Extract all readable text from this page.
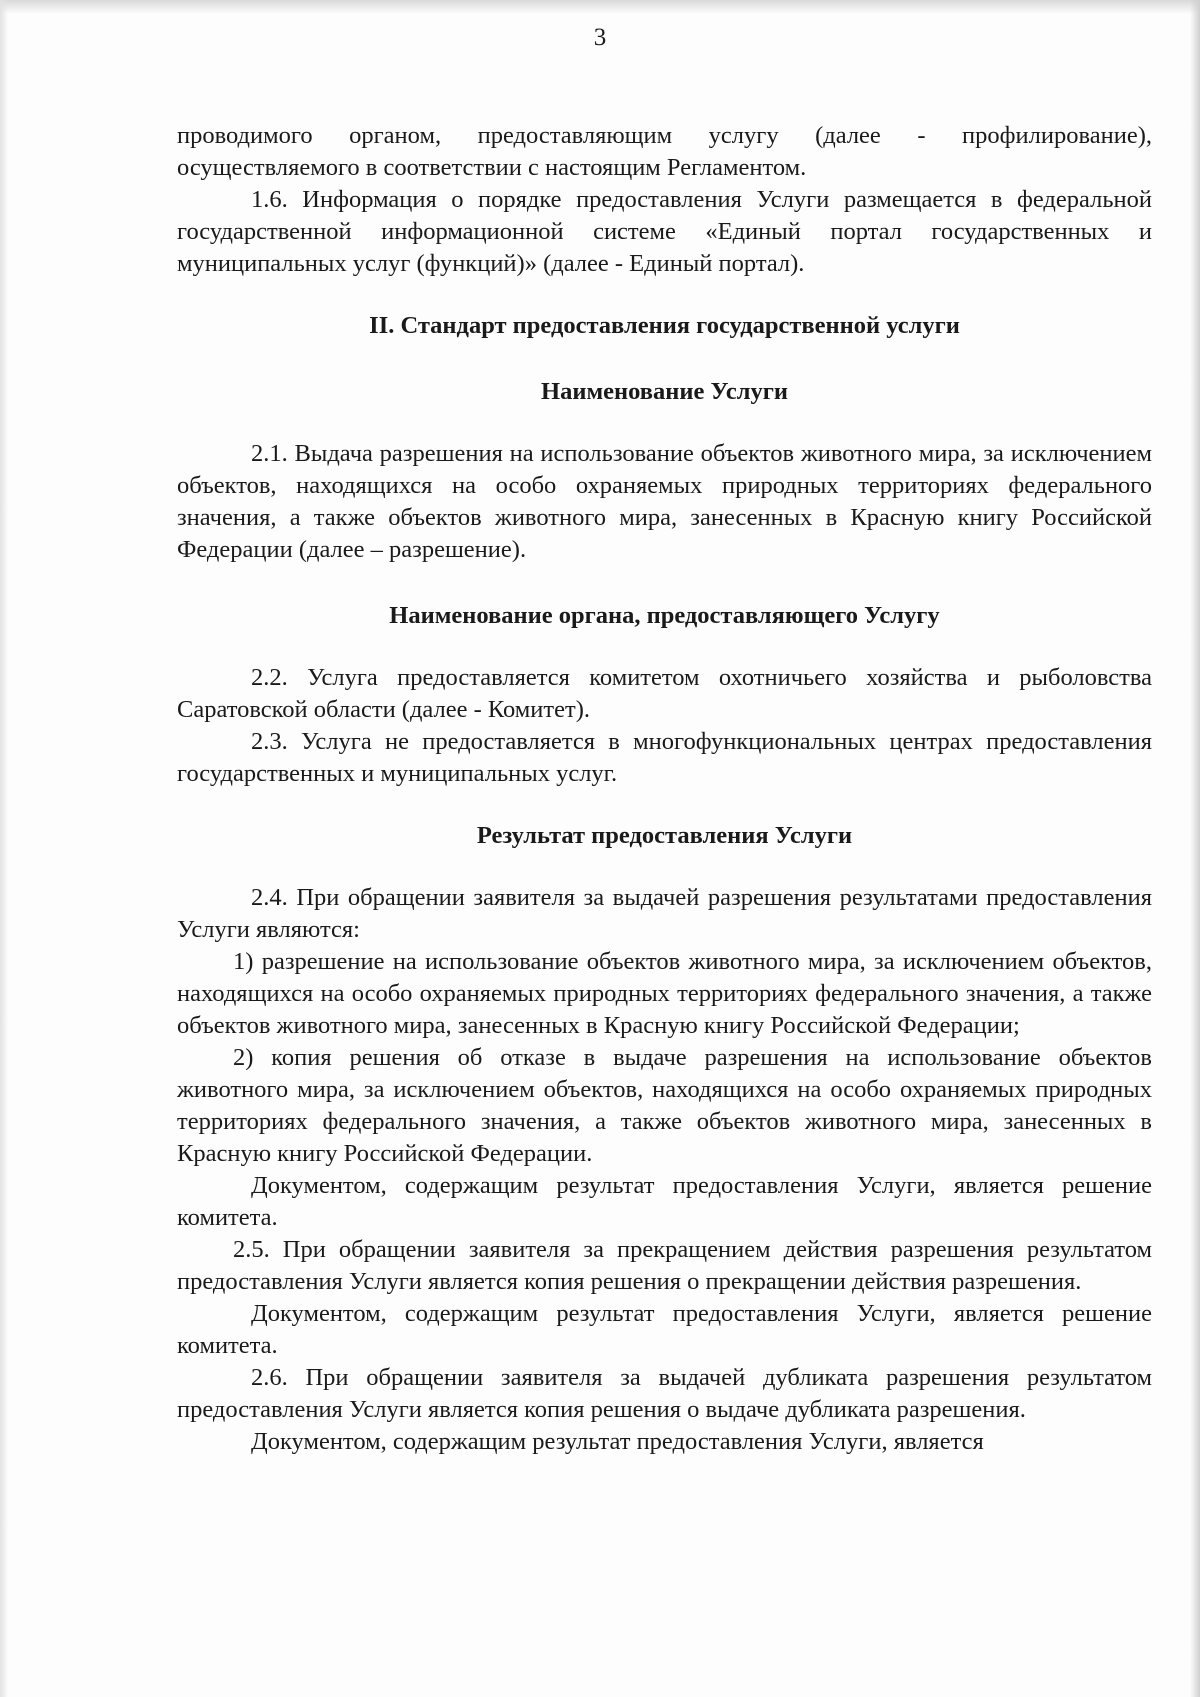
3

проводимого органом, предоставляющим услугу (далее - профилирование), осуществляемого в соответствии с настоящим Регламентом.

1.6. Информация о порядке предоставления Услуги размещается в федеральной государственной информационной системе «Единый портал государственных и муниципальных услуг (функций)» (далее - Единый портал).

II. Стандарт предоставления государственной услуги

Наименование Услуги

2.1. Выдача разрешения на использование объектов животного мира, за исключением объектов, находящихся на особо охраняемых природных территориях федерального значения, а также объектов животного мира, занесенных в Красную книгу Российской Федерации (далее – разрешение).

Наименование органа, предоставляющего Услугу

2.2. Услуга предоставляется комитетом охотничьего хозяйства и рыболовства Саратовской области (далее - Комитет).

2.3. Услуга не предоставляется в многофункциональных центрах предоставления государственных и муниципальных услуг.

Результат предоставления Услуги

2.4. При обращении заявителя за выдачей разрешения результатами предоставления Услуги являются:

1) разрешение на использование объектов животного мира, за исключением объектов, находящихся на особо охраняемых природных территориях федерального значения, а также объектов животного мира, занесенных в Красную книгу Российской Федерации;

2) копия решения об отказе в выдаче разрешения на использование объектов животного мира, за исключением объектов, находящихся на особо охраняемых природных территориях федерального значения, а также объектов животного мира, занесенных в Красную книгу Российской Федерации.

Документом, содержащим результат предоставления Услуги, является решение комитета.

2.5. При обращении заявителя за прекращением действия разрешения результатом предоставления Услуги является копия решения о прекращении действия разрешения.

Документом, содержащим результат предоставления Услуги, является решение комитета.

2.6. При обращении заявителя за выдачей дубликата разрешения результатом предоставления Услуги является копия решения о выдаче дубликата разрешения.

Документом, содержащим результат предоставления Услуги, является
